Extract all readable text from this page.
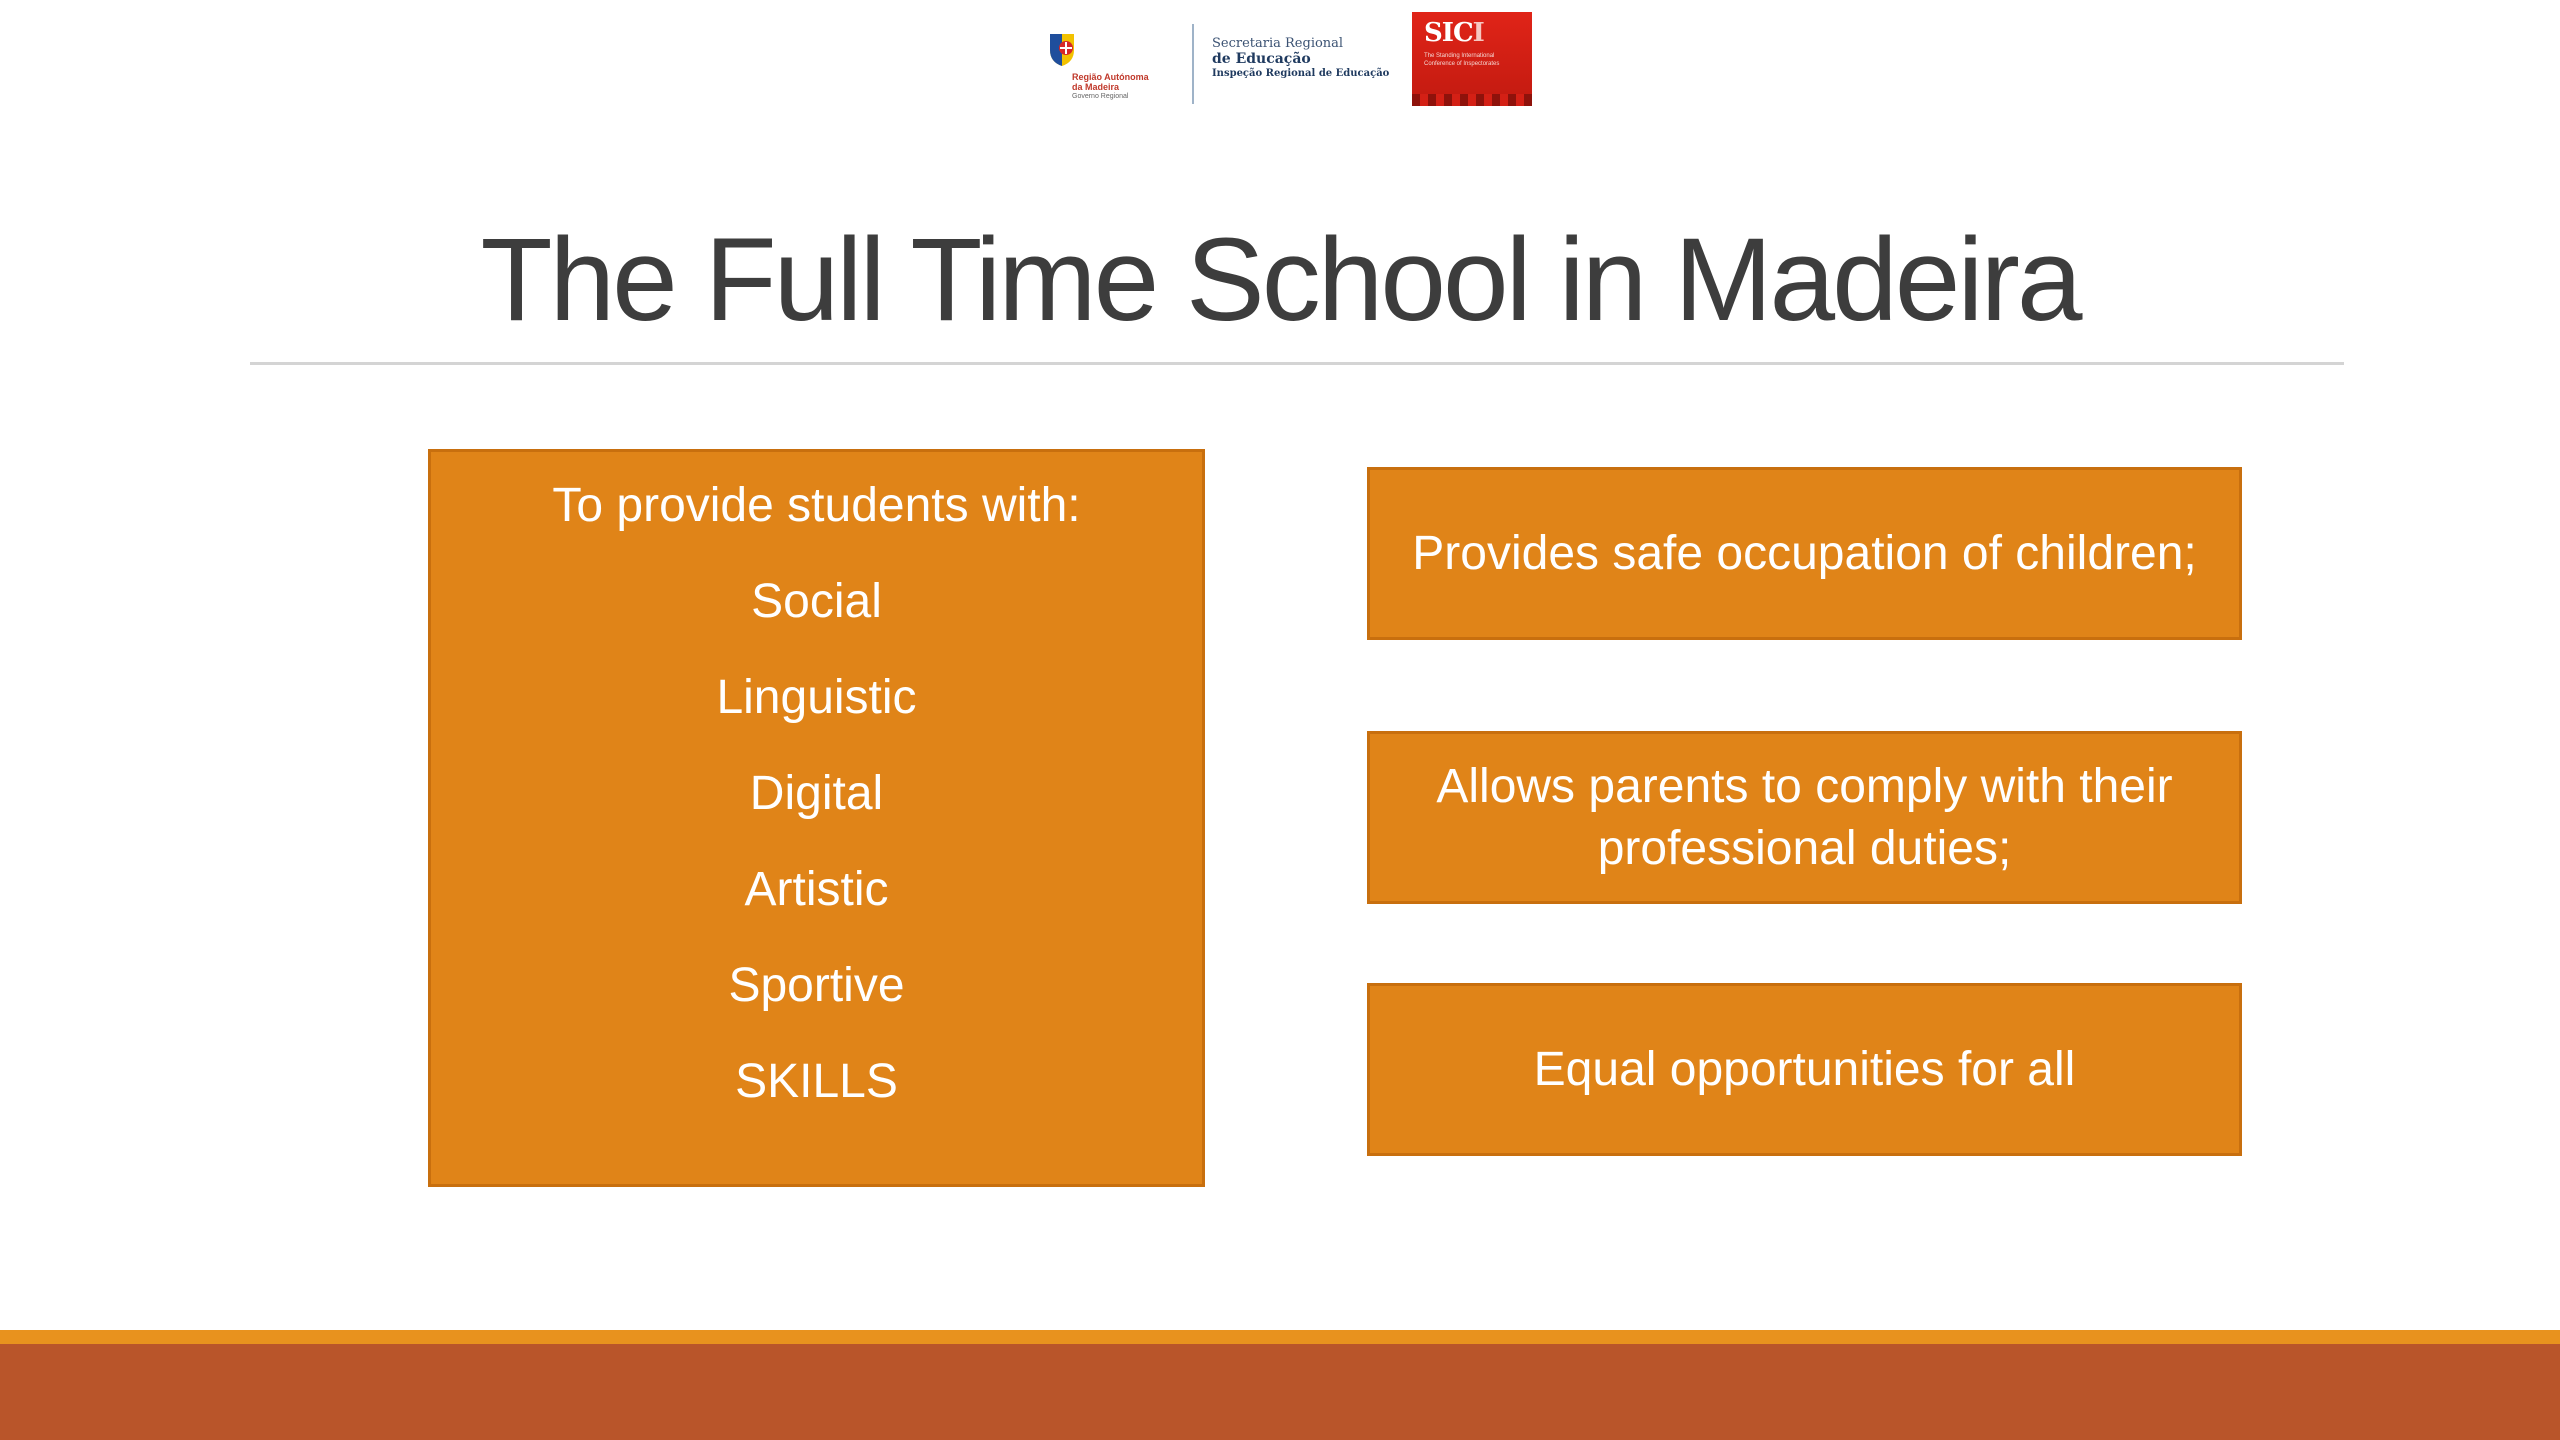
Região Autónoma
da Madeira
Governo Regional
Secretaria Regional
de Educação
Inspeção Regional de Educação
SICI
The Standing International Conference of Inspectorates
The Full Time School in Madeira
To provide students with:
Social
Linguistic
Digital
Artistic
Sportive
SKILLS
Provides safe occupation of children;
Allows parents to comply with their professional duties;
Equal opportunities for all
